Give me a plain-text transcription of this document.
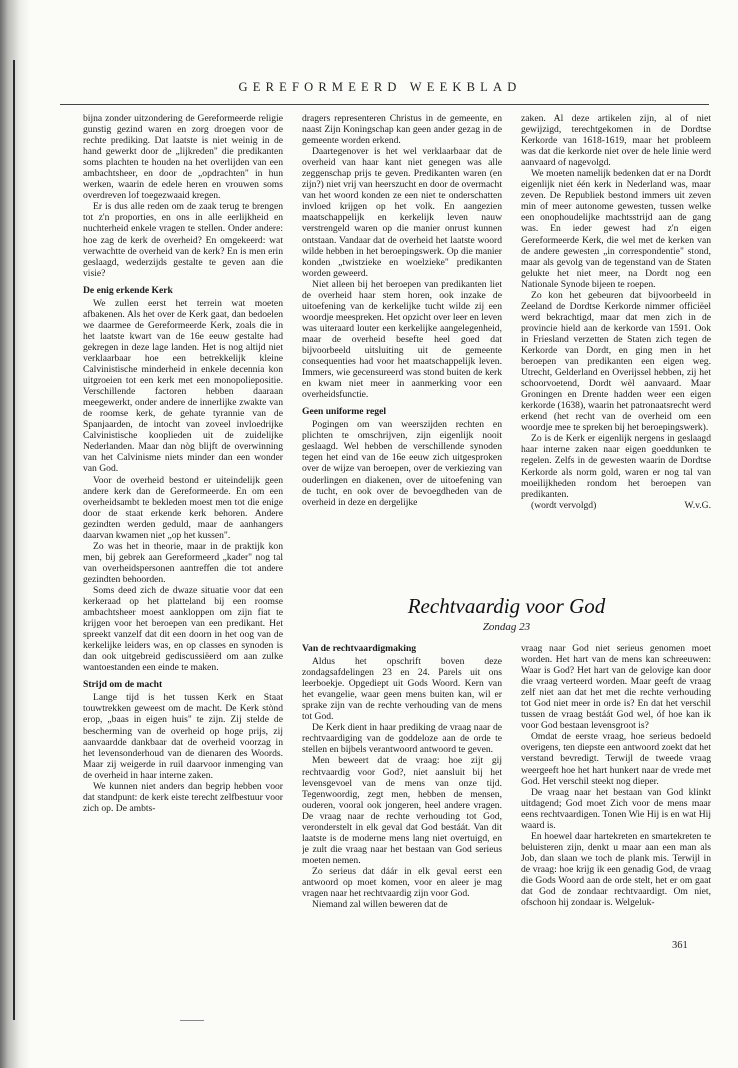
GEREFORMEERD WEEKBLAD

bijna zonder uitzondering de Gereformeerde religie gunstig gezind waren en zorg droegen voor de rechte prediking. Dat laatste is niet weinig in de hand gewerkt door de „lijkreden" die predikanten soms plachten te houden na het overlijden van een ambachtsheer, en door de „opdrachten" in hun werken, waarin de edele heren en vrouwen soms overdreven lof toegezwaaid kregen.

Er is dus alle reden om de zaak terug te brengen tot z'n proporties, en ons in alle eerlijkheid en nuchterheid enkele vragen te stellen. Onder andere: hoe zag de kerk de overheid? En omgekeerd: wat verwachtte de overheid van de kerk? En is men erin geslaagd, wederzijds gestalte te geven aan die visie?

De enig erkende Kerk

We zullen eerst het terrein wat moeten afbakenen. Als het over de Kerk gaat, dan bedoelen we daarmee de Gereformeerde Kerk, zoals die in het laatste kwart van de 16e eeuw gestalte had gekregen in deze lage landen. Het is nog altijd niet verklaarbaar hoe een betrekkelijk kleine Calvinistische minderheid in enkele decennia kon uitgroeien tot een kerk met een monopoliepositie. Verschillende factoren hebben daaraan meegewerkt, onder andere de innerlijke zwakte van de roomse kerk, de gehate tyrannie van de Spanjaarden, de intocht van zoveel invloedrijke Calvinistische kooplieden uit de zuidelijke Nederlanden. Maar dan nòg blijft de overwinning van het Calvinisme niets minder dan een wonder van God.

Voor de overheid bestond er uiteindelijk geen andere kerk dan de Gereformeerde. En om een overheidsambt te bekleden moest men tot die enige door de staat erkende kerk behoren. Andere gezindten werden geduld, maar de aanhangers daarvan kwamen niet „op het kussen".

Zo was het in theorie, maar in de praktijk kon men, bij gebrek aan Gereformeerd „kader" nog tal van overheidspersonen aantreffen die tot andere gezindten behoorden.

Soms deed zich de dwaze situatie voor dat een kerkeraad op het platteland bij een roomse ambachtsheer moest aankloppen om zijn fiat te krijgen voor het beroepen van een predikant. Het spreekt vanzelf dat dit een doorn in het oog van de kerkelijke leiders was, en op classes en synoden is dan ook uitgebreid gediscussiëerd om aan zulke wantoestanden een einde te maken.

Strijd om de macht

Lange tijd is het tussen Kerk en Staat touwtrekken geweest om de macht. De Kerk stònd erop, „baas in eigen huis" te zijn. Zij stelde de bescherming van de overheid op hoge prijs, zij aanvaardde dankbaar dat de overheid voorzag in het levensonderhoud van de dienaren des Woords. Maar zij weigerde in ruil daarvoor inmenging van de overheid in haar interne zaken.

We kunnen niet anders dan begrip hebben voor dat standpunt: de kerk eiste terecht zelfbestuur voor zich op. De ambts-

dragers representeren Christus in de gemeente, en naast Zijn Koningschap kan geen ander gezag in de gemeente worden erkend.

Daartegenover is het wel verklaarbaar dat de overheid van haar kant niet genegen was alle zeggenschap prijs te geven. Predikanten waren (en zijn?) niet vrij van heerszucht en door de overmacht van het woord konden ze een niet te onderschatten invloed krijgen op het volk. En aangezien maatschappelijk en kerkelijk leven nauw verstrengeld waren op die manier onrust kunnen ontstaan. Vandaar dat de overheid het laatste woord wilde hebben in het beroepingswerk. Op die manier konden „twistzieke en woelzieke" predikanten worden geweerd.

Niet alleen bij het beroepen van predikanten liet de overheid haar stem horen, ook inzake de uitoefening van de kerkelijke tucht wilde zij een woordje meespreken. Het opzicht over leer en leven was uiteraard louter een kerkelijke aangelegenheid, maar de overheid besefte heel goed dat bijvoorbeeld uitsluiting uit de gemeente consequenties had voor het maatschappelijk leven. Immers, wie gecensureerd was stond buiten de kerk en kwam niet meer in aanmerking voor een overheidsfunctie.

Geen uniforme regel

Pogingen om van weerszijden rechten en plichten te omschrijven, zijn eigenlijk nooit geslaagd. Wel hebben de verschillende synoden tegen het eind van de 16e eeuw zich uitgesproken over de wijze van beroepen, over de verkiezing van ouderlingen en diakenen, over de uitoefening van de tucht, en ook over de bevoegdheden van de overheid in deze en dergelijke

zaken. Al deze artikelen zijn, al of niet gewijzigd, terechtgekomen in de Dordtse Kerkorde van 1618-1619, maar het probleem was dat die kerkorde niet over de hele linie werd aanvaard of nagevolgd.

We moeten namelijk bedenken dat er na Dordt eigenlijk niet één kerk in Nederland was, maar zeven. De Republiek bestond immers uit zeven min of meer autonome gewesten, tussen welke een onophoudelijke machtsstrijd aan de gang was. En ieder gewest had z'n eigen Gereformeerde Kerk, die wel met de kerken van de andere gewesten „in correspondentie" stond, maar als gevolg van de tegenstand van de Staten gelukte het niet meer, na Dordt nog een Nationale Synode bijeen te roepen.

Zo kon het gebeuren dat bijvoorbeeld in Zeeland de Dordtse Kerkorde nimmer officiëel werd bekrachtigd, maar dat men zich in de provincie hield aan de kerkorde van 1591. Ook in Friesland verzetten de Staten zich tegen de Kerkorde van Dordt, en ging men in het beroepen van predikanten een eigen weg. Utrecht, Gelderland en Overijssel hebben, zij het schoorvoetend, Dordt wèl aanvaard. Maar Groningen en Drente hadden weer een eigen kerkorde (1638), waarin het patronaatsrecht werd erkend (het recht van de overheid om een woordje mee te spreken bij het beroepingswerk).

Zo is de Kerk er eigenlijk nergens in geslaagd haar interne zaken naar eigen goeddunken te regelen. Zelfs in de gewesten waarin de Dordtse Kerkorde als norm gold, waren er nog tal van moeilijkheden rondom het beroepen van predikanten.

(wordt vervolgd)	W.v.G.

Rechtvaardig voor God
Zondag 23
Van de rechtvaardigmaking

Aldus het opschrift boven deze zondagsafdelingen 23 en 24. Parels uit ons leerboekje. Opgediept uit Gods Woord. Kern van het evangelie, waar geen mens buiten kan, wil er sprake zijn van de rechte verhouding van de mens tot God.

De Kerk dient in haar prediking de vraag naar de rechtvaardiging van de goddeloze aan de orde te stellen en bijbels verantwoord antwoord te geven.

Men beweert dat de vraag: hoe zijt gij rechtvaardig voor God?, niet aansluit bij het levensgevoel van de mens van onze tijd. Tegenwoordig, zegt men, hebben de mensen, ouderen, vooral ook jongeren, heel andere vragen. De vraag naar de rechte verhouding tot God, veronderstelt in elk geval dat God bestáát. Van dit laatste is de moderne mens lang niet overtuigd, en je zult die vraag naar het bestaan van God serieus moeten nemen.

Zo serieus dat dáár in elk geval eerst een antwoord op moet komen, voor en aleer je mag vragen naar het rechtvaardig zijn voor God.

Niemand zal willen beweren dat de

vraag naar God niet serieus genomen moet worden. Het hart van de mens kan schreeuwen: Waar is God? Het hart van de gelovige kan door die vraag verteerd worden. Maar geeft de vraag zelf niet aan dat het met die rechte verhouding tot God niet meer in orde is? En dat het verschil tussen de vraag bestáát God wel, óf hoe kan ik voor God bestaan levensgroot is?

Omdat de eerste vraag, hoe serieus bedoeld overigens, ten diepste een antwoord zoekt dat het verstand bevredigt. Terwijl de tweede vraag weergeeft hoe het hart hunkert naar de vrede met God. Het verschil steekt nog dieper.

De vraag naar het bestaan van God klinkt uitdagend; God moet Zich voor de mens maar eens rechtvaardigen. Tonen Wie Hij is en wat Hij waard is.

En hoewel daar hartekreten en smartekreten te beluisteren zijn, denkt u maar aan een man als Job, dan slaan we toch de plank mis. Terwijl in de vraag: hoe krijg ik een genadig God, de vraag die Gods Woord aan de orde stelt, het er om gaat dat God de zondaar rechtvaardigt. Om niet, ofschoon hij zondaar is. Welgeluk-

361
